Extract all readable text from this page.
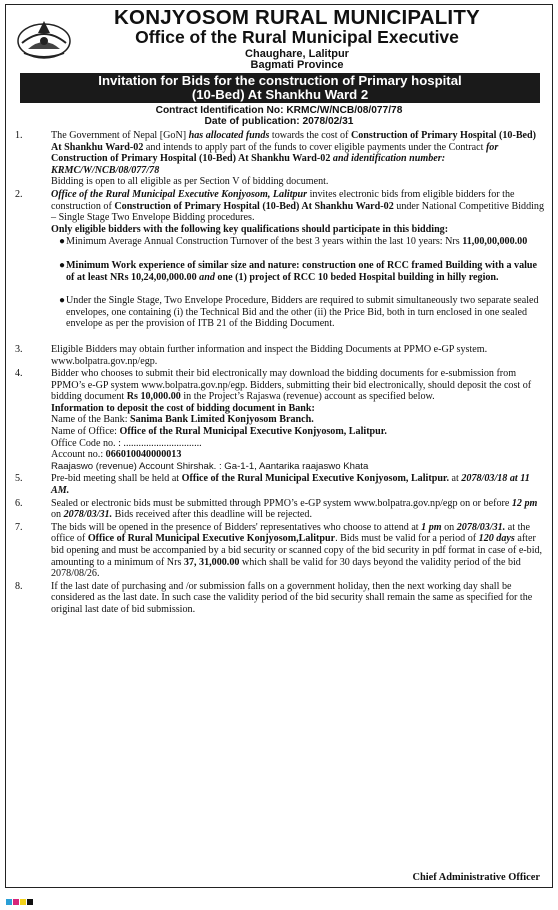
KONJYOSOM RURAL MUNICIPALITY
Office of the Rural Municipal Executive
Chaughare, Lalitpur
Bagmati Province
Invitation for Bids for the construction of Primary hospital
(10-Bed) At Shankhu Ward 2
Contract Identification No: KRMC/W/NCB/08/077/78
Date of publication: 2078/02/31
1.	The Government of Nepal [GoN] has allocated funds towards the cost of Construction of Primary Hospital (10-Bed) At Shankhu Ward-02 and intends to apply part of the funds to cover eligible payments under the Contract for Construction of Primary Hospital (10-Bed) At Shankhu Ward-02 and identification number: KRMC/W/NCB/08/077/78
Bidding is open to all eligible as per Section V of bidding document.
2.	Office of the Rural Municipal Executive Konjyosom, Lalitpur invites electronic bids from eligible bidders for the construction of Construction of Primary Hospital (10-Bed) At Shankhu Ward-02 under National Competitive Bidding – Single Stage Two Envelope Bidding procedures.
Only eligible bidders with the following key qualifications should participate in this bidding:
● Minimum Average Annual Construction Turnover of the best 3 years within the last 10 years: Nrs 11,00,00,000.00
● Minimum Work experience of similar size and nature: construction one of RCC framed Building with a value of at least NRs 10,24,00,000.00 and one (1) project of RCC 10 beded Hospital building in hilly region.
● Under the Single Stage, Two Envelope Procedure, Bidders are required to submit simultaneously two separate sealed envelopes, one containing (i) the Technical Bid and the other (ii) the Price Bid, both in turn enclosed in one sealed envelope as per the provision of ITB 21 of the Bidding Document.
3.	Eligible Bidders may obtain further information and inspect the Bidding Documents at PPMO e-GP system. www.bolpatra.gov.np/egp.
4.	Bidder who chooses to submit their bid electronically may download the bidding documents for e-submission from PPMO’s e-GP system www.bolpatra.gov.np/egp. Bidders, submitting their bid electronically, should deposit the cost of bidding document Rs 10,000.00 in the Project’s Rajaswa (revenue) account as specified below.
Information to deposit the cost of bidding document in Bank:
Name of the Bank: Sanima Bank Limited Konjyosom Branch.
Name of Office: Office of the Rural Municipal Executive Konjyosom, Lalitpur.
Office Code no. : ...............................
Account no.: 066010040000013
Raajaswo (revenue) Account Shirshak. : Ga-1-1, Aantarika raajaswo Khata
5.	Pre-bid meeting shall be held at Office of the Rural Municipal Executive Konjyosom, Lalitpur. at 2078/03/18 at 11 AM.
6.	Sealed or electronic bids must be submitted through PPMO’s e-GP system www.bolpatra.gov.np/egp on or before 12 pm on 2078/03/31. Bids received after this deadline will be rejected.
7.	The bids will be opened in the presence of Bidders' representatives who choose to attend at 1 pm on 2078/03/31. at the office of Office of Rural Municipal Executive Konjyosom,Lalitpur. Bids must be valid for a period of 120 days after bid opening and must be accompanied by a bid security or scanned copy of the bid security in pdf format in case of e-bid, amounting to a minimum of Nrs 37, 31,000.00 which shall be valid for 30 days beyond the validity period of the bid 2078/08/26.
8.	If the last date of purchasing and /or submission falls on a government holiday, then the next working day shall be considered as the last date. In such case the validity period of the bid security shall remain the same as specified for the original last date of bid submission.
Chief Administrative Officer
